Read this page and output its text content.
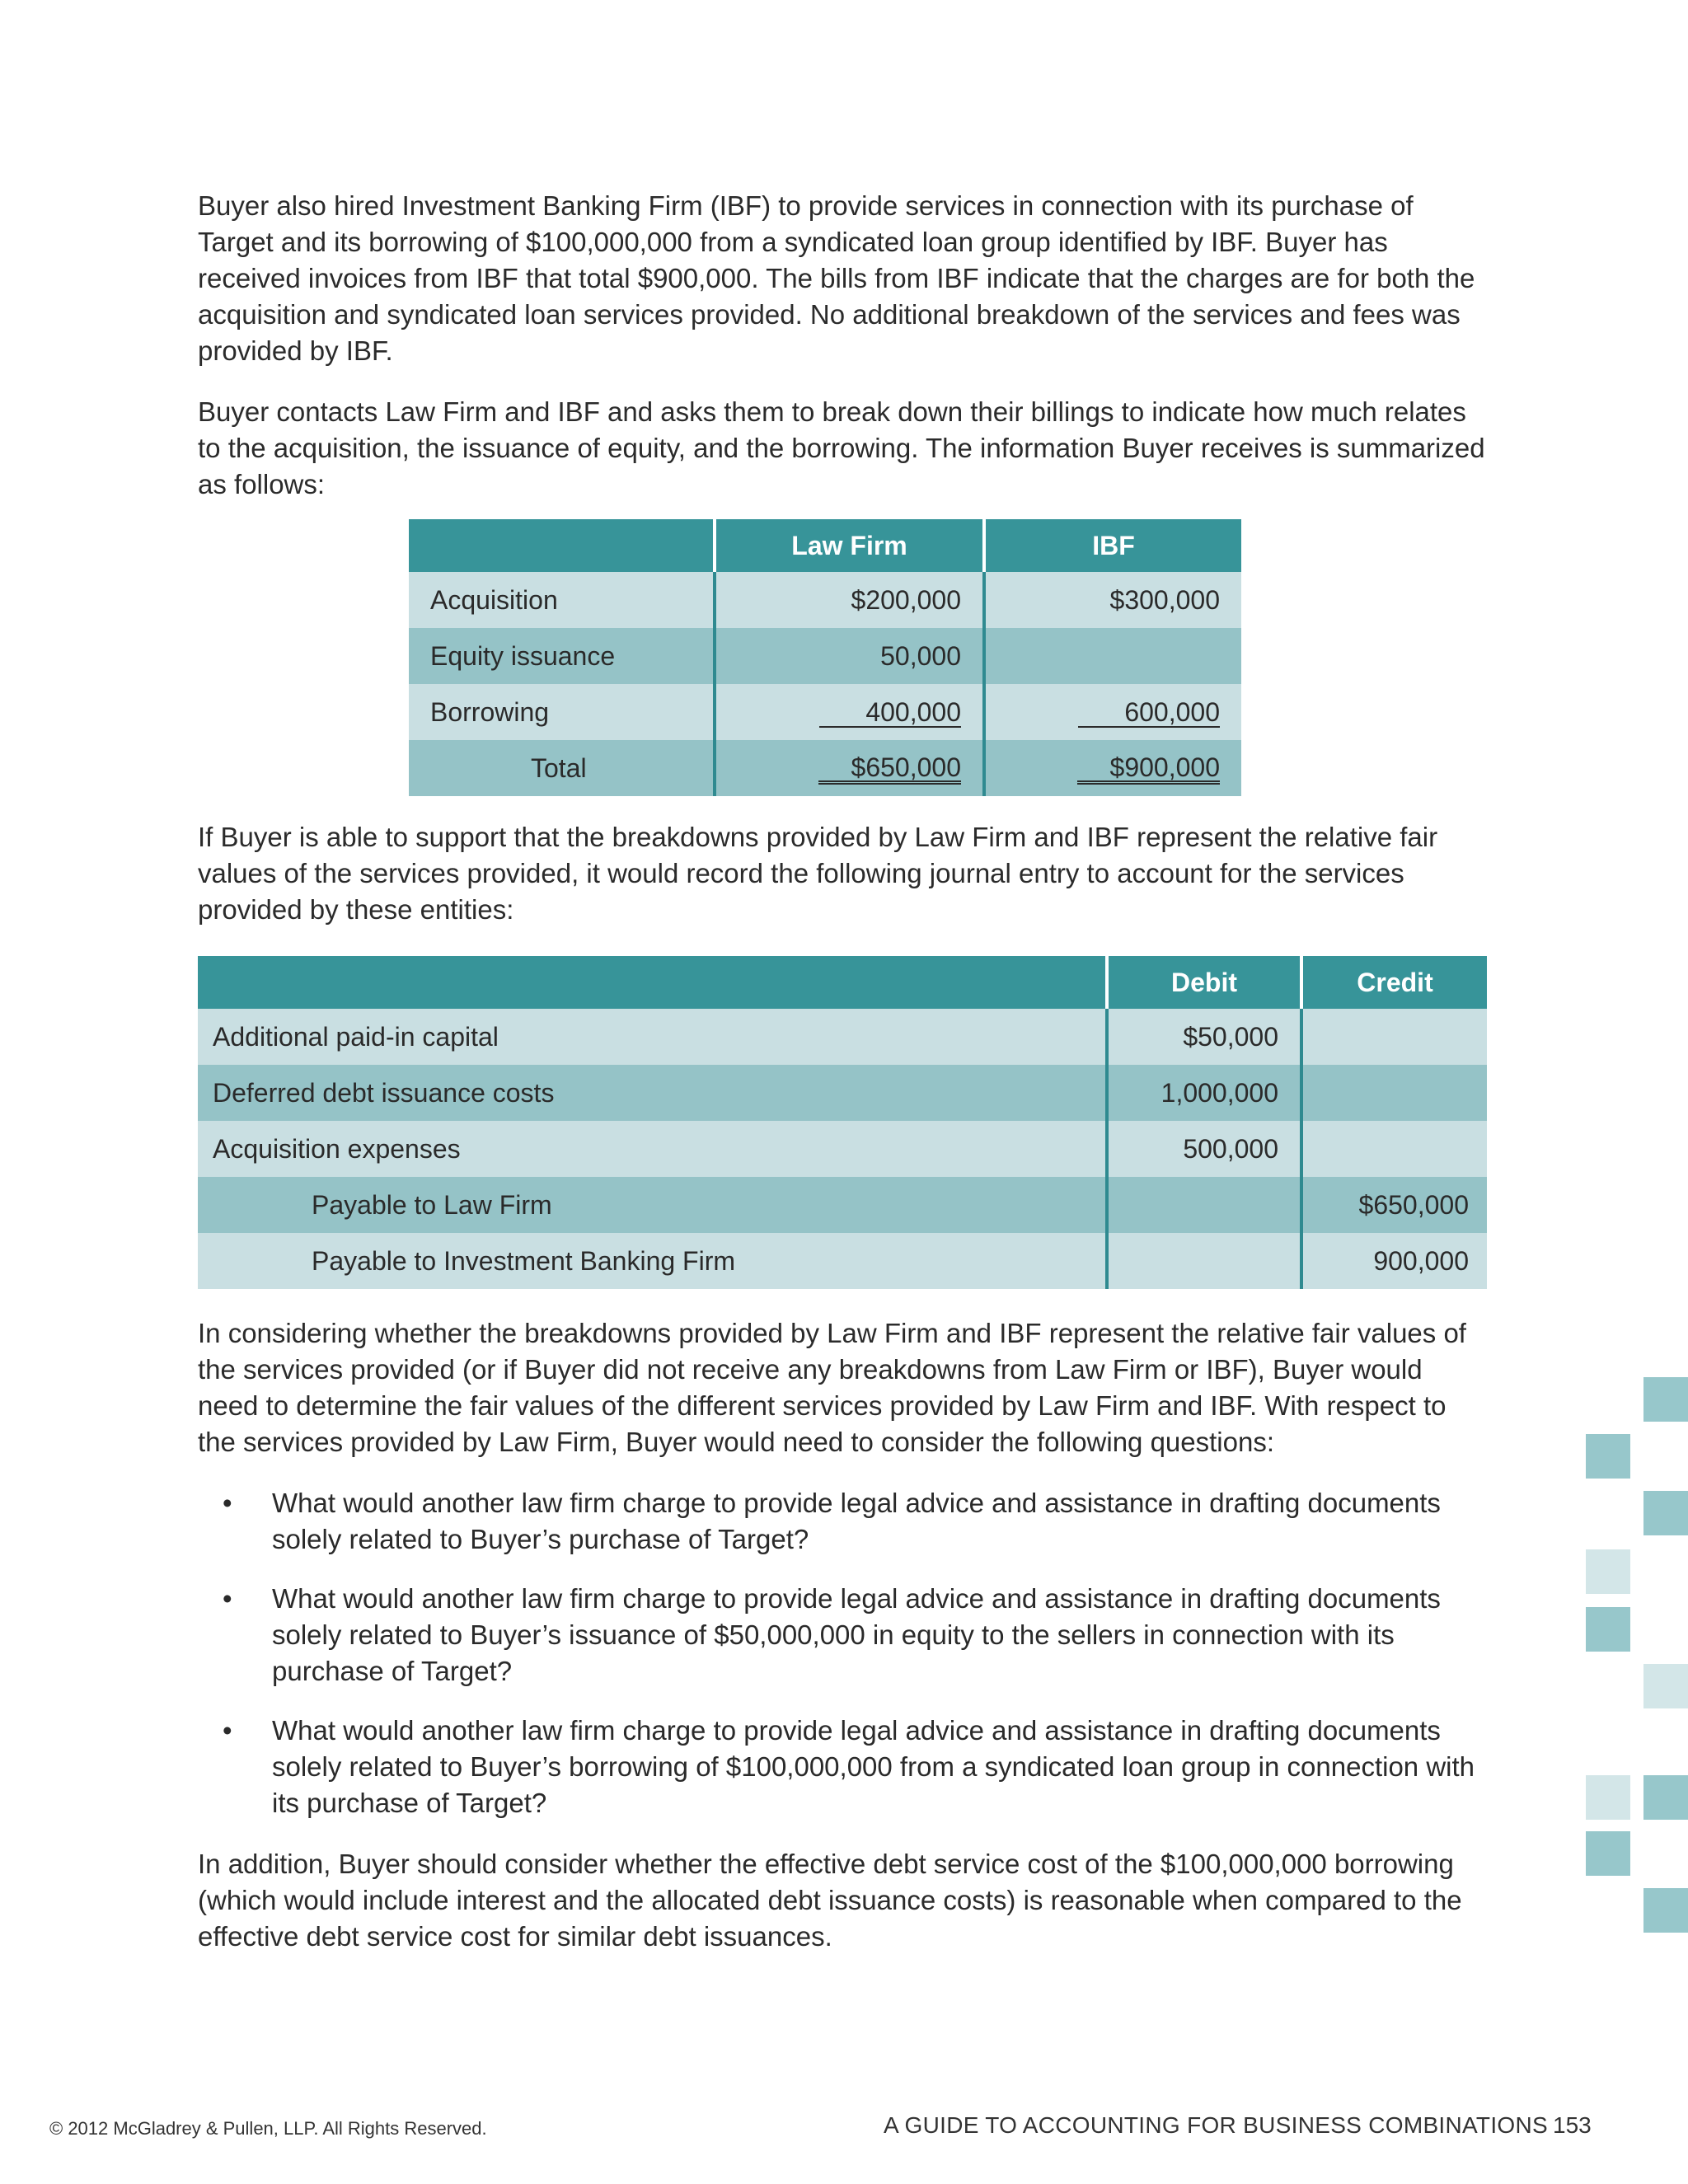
Buyer also hired Investment Banking Firm (IBF) to provide services in connection with its purchase of Target and its borrowing of $100,000,000 from a syndicated loan group identified by IBF. Buyer has received invoices from IBF that total $900,000. The bills from IBF indicate that the charges are for both the acquisition and syndicated loan services provided. No additional breakdown of the services and fees was provided by IBF.

Buyer contacts Law Firm and IBF and asks them to break down their billings to indicate how much relates to the acquisition, the issuance of equity, and the borrowing. The information Buyer receives is summarized as follows:

	Law Firm	IBF
Acquisition	$200,000	$300,000
Equity issuance	50,000	
Borrowing	400,000	600,000
Total	$650,000	$900,000

If Buyer is able to support that the breakdowns provided by Law Firm and IBF represent the relative fair values of the services provided, it would record the following journal entry to account for the services provided by these entities:

	Debit	Credit
Additional paid-in capital	$50,000	
Deferred debt issuance costs	1,000,000	
Acquisition expenses	500,000	
Payable to Law Firm		$650,000
Payable to Investment Banking Firm		900,000

In considering whether the breakdowns provided by Law Firm and IBF represent the relative fair values of the services provided (or if Buyer did not receive any breakdowns from Law Firm or IBF), Buyer would need to determine the fair values of the different services provided by Law Firm and IBF. With respect to the services provided by Law Firm, Buyer would need to consider the following questions:

• What would another law firm charge to provide legal advice and assistance in drafting documents solely related to Buyer’s purchase of Target?
• What would another law firm charge to provide legal advice and assistance in drafting documents solely related to Buyer’s issuance of $50,000,000 in equity to the sellers in connection with its purchase of Target?
• What would another law firm charge to provide legal advice and assistance in drafting documents solely related to Buyer’s borrowing of $100,000,000 from a syndicated loan group in connection with its purchase of Target?

In addition, Buyer should consider whether the effective debt service cost of the $100,000,000 borrowing (which would include interest and the allocated debt issuance costs) is reasonable when compared to the effective debt service cost for similar debt issuances.

© 2012 McGladrey & Pullen, LLP. All Rights Reserved.	A GUIDE TO ACCOUNTING FOR BUSINESS COMBINATIONS 153
